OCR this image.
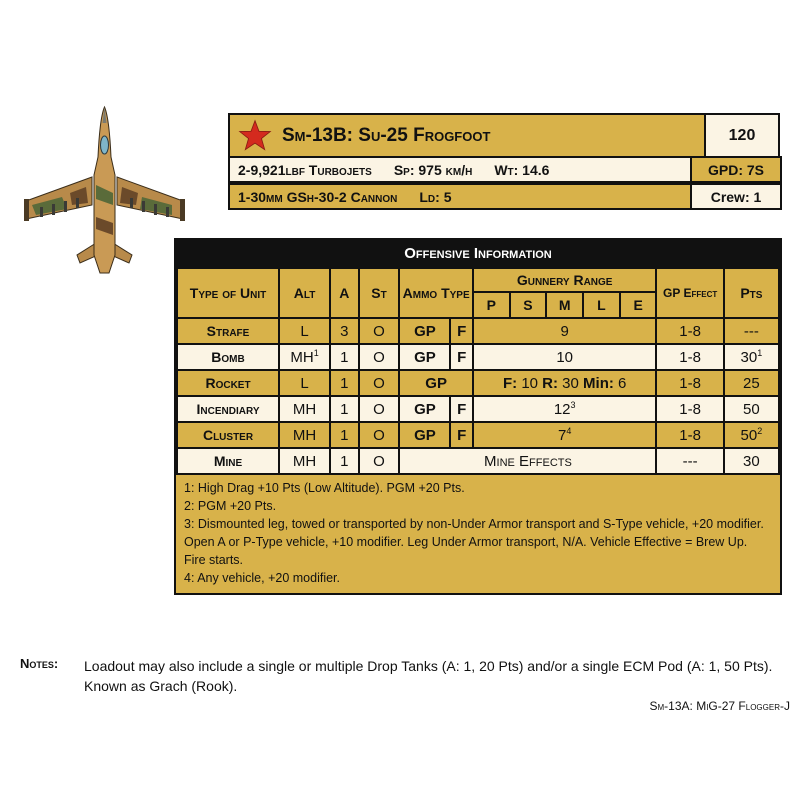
Sm-13B: Su-25 Frogfoot	120
2-9,921lbf Turbojets Sp: 975 km/h Wt: 14.6	GPD: 7S
1-30mm GSh-30-2 Cannon Ld: 5	Crew: 1
Offensive Information
Type of Unit	Alt	A	St	Ammo Type		Gunnery Range					GP Effect	Pts
						P	S	M	L	E		
Strafe	L	3	O	GP	F	9					1-8	---
Bomb	$MH^1$	1	O	GP	F	10					1-8	$30^1$
Rocket	L	1	O	GP		F: 10 R: 30 Min: 6					1-8	25
Incendiary	MH	1	O	GP	F	$12^3$					1-8	50
Cluster	MH	1	O	GP	F	$7^4$					1-8	$50^2$
Mine	MH	1	O	Mine Effects							---	30
1: High Drag +10 Pts (Low Altitude). PGM +20 Pts.
2: PGM +20 Pts.
3: Dismounted leg, towed or transported by non-Under Armor transport and S-Type vehicle, +20 modifier. Open A or P-Type vehicle, +10 modifier. Leg Under Armor transport, N/A. Vehicle Effective = Brew Up. Fire starts.
4: Any vehicle, +20 modifier.
Notes: Loadout may also include a single or multiple Drop Tanks (A: 1, 20 Pts) and/or a single ECM Pod (A: 1, 50 Pts). Known as Grach (Rook).
Sm-13A: MiG-27 Flogger-J
